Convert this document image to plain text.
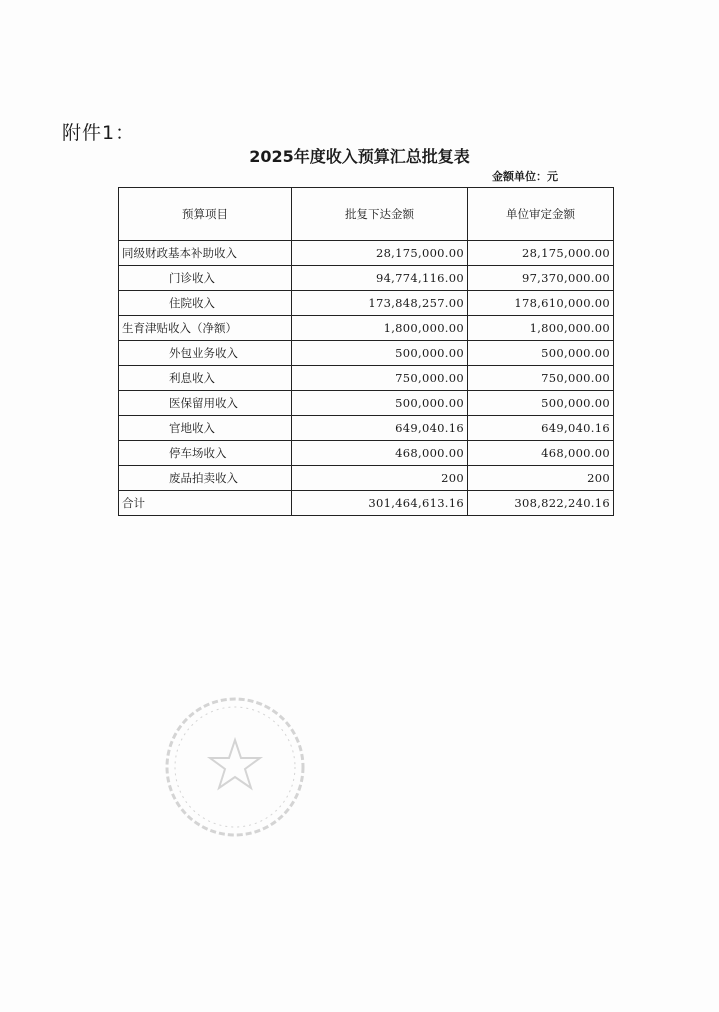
附件1：
2025年度收入预算汇总批复表
金额单位：元
预算项目	批复下达金额	单位审定金额
同级财政基本补助收入	28,175,000.00	28,175,000.00
门诊收入	94,774,116.00	97,370,000.00
住院收入	173,848,257.00	178,610,000.00
生育津贴收入（净额）	1,800,000.00	1,800,000.00
外包业务收入	500,000.00	500,000.00
利息收入	750,000.00	750,000.00
医保留用收入	500,000.00	500,000.00
官地收入	649,040.16	649,040.16
停车场收入	468,000.00	468,000.00
废品拍卖收入	200	200
合计	301,464,613.16	308,822,240.16
